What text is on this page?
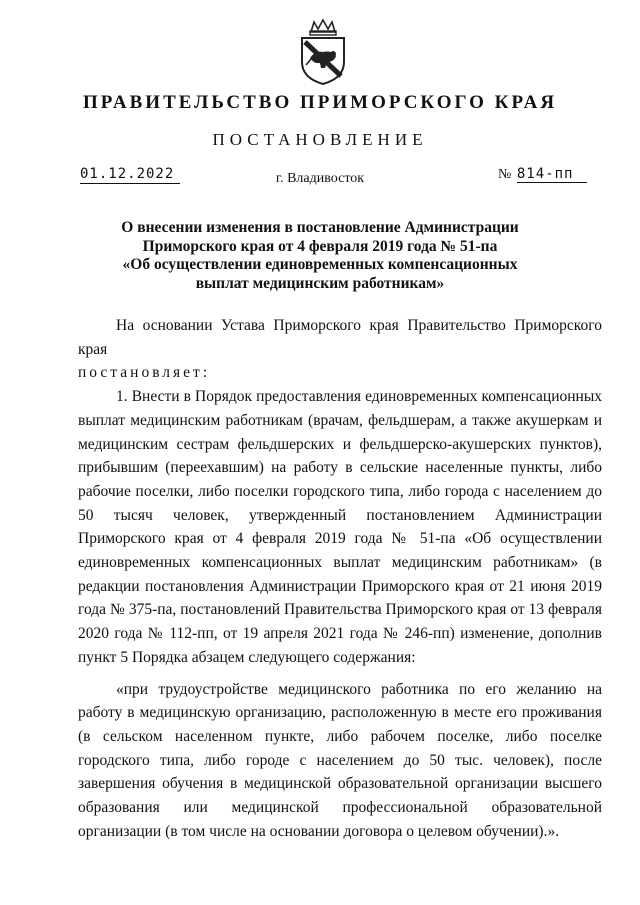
ПРАВИТЕЛЬСТВО ПРИМОРСКОГО КРАЯ
ПОСТАНОВЛЕНИЕ
01.12.2022	г. Владивосток	№ 814-пп
О внесении изменения в постановление Администрации
Приморского края от 4 февраля 2019 года № 51-па
«Об осуществлении единовременных компенсационных
выплат медицинским работникам»

На основании Устава Приморского края Правительство Приморского края

постановляет:

1. Внести в Порядок предоставления единовременных компенсационных выплат медицинским работникам (врачам, фельдшерам, а также акушеркам и медицинским сестрам фельдшерских и фельдшерско-акушерских пунктов), прибывшим (переехавшим) на работу в сельские населенные пункты, либо рабочие поселки, либо поселки городского типа, либо города с населением до 50 тысяч человек, утвержденный постановлением Администрации Приморского края от 4 февраля 2019 года № 51-па «Об осуществлении единовременных компенсационных выплат медицинским работникам» (в редакции постановления Администрации Приморского края от 21 июня 2019 года № 375-па, постановлений Правительства Приморского края от 13 февраля 2020 года № 112-пп, от 19 апреля 2021 года № 246-пп) изменение, дополнив пункт 5 Порядка абзацем следующего содержания:

«при трудоустройстве медицинского работника по его желанию на работу в медицинскую организацию, расположенную в месте его проживания (в сельском населенном пункте, либо рабочем поселке, либо поселке городского типа, либо городе с населением до 50 тыс. человек), после завершения обучения в медицинской образовательной организации высшего образования или медицинской профессиональной образовательной организации (в том числе на основании договора о целевом обучении).».
